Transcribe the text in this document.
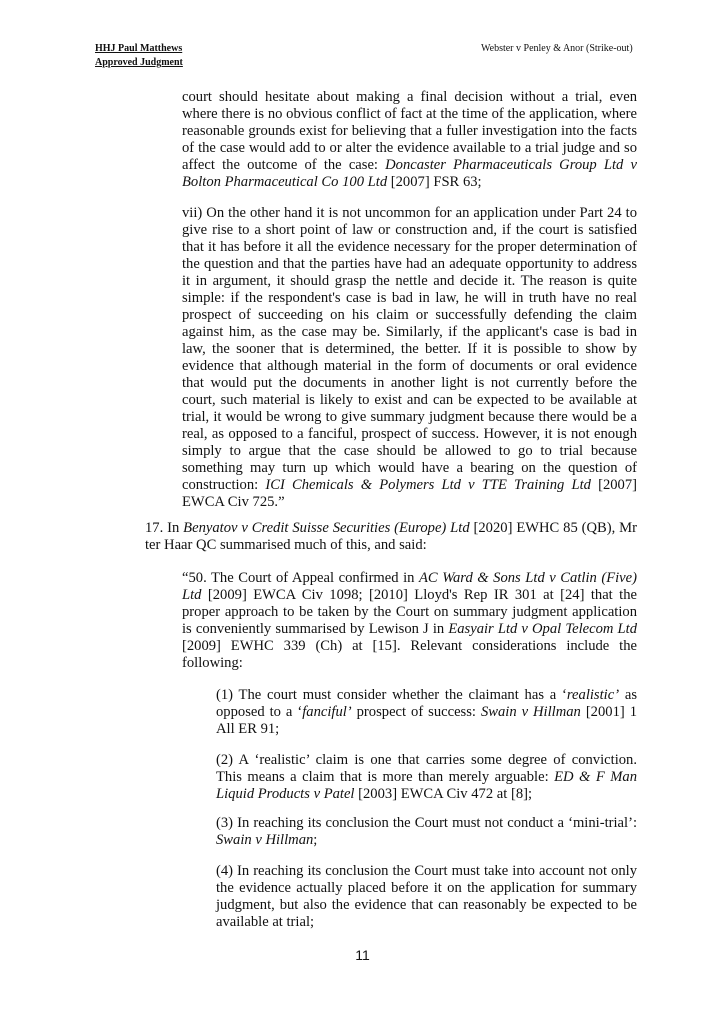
HHJ Paul Matthews
Approved Judgment
Webster v Penley & Anor (Strike-out)

court should hesitate about making a final decision without a trial, even where there is no obvious conflict of fact at the time of the application, where reasonable grounds exist for believing that a fuller investigation into the facts of the case would add to or alter the evidence available to a trial judge and so affect the outcome of the case: Doncaster Pharmaceuticals Group Ltd v Bolton Pharmaceutical Co 100 Ltd [2007] FSR 63;

vii) On the other hand it is not uncommon for an application under Part 24 to give rise to a short point of law or construction and, if the court is satisfied that it has before it all the evidence necessary for the proper determination of the question and that the parties have had an adequate opportunity to address it in argument, it should grasp the nettle and decide it. The reason is quite simple: if the respondent's case is bad in law, he will in truth have no real prospect of succeeding on his claim or successfully defending the claim against him, as the case may be. Similarly, if the applicant's case is bad in law, the sooner that is determined, the better. If it is possible to show by evidence that although material in the form of documents or oral evidence that would put the documents in another light is not currently before the court, such material is likely to exist and can be expected to be available at trial, it would be wrong to give summary judgment because there would be a real, as opposed to a fanciful, prospect of success. However, it is not enough simply to argue that the case should be allowed to go to trial because something may turn up which would have a bearing on the question of construction: ICI Chemicals & Polymers Ltd v TTE Training Ltd [2007] EWCA Civ 725.”

17. In Benyatov v Credit Suisse Securities (Europe) Ltd [2020] EWHC 85 (QB), Mr ter Haar QC summarised much of this, and said:

“50. The Court of Appeal confirmed in AC Ward & Sons Ltd v Catlin (Five) Ltd [2009] EWCA Civ 1098; [2010] Lloyd's Rep IR 301 at [24] that the proper approach to be taken by the Court on summary judgment application is conveniently summarised by Lewison J in Easyair Ltd v Opal Telecom Ltd [2009] EWHC 339 (Ch) at [15]. Relevant considerations include the following:

(1) The court must consider whether the claimant has a ‘realistic’ as opposed to a ‘fanciful’ prospect of success: Swain v Hillman [2001] 1 All ER 91;

(2) A ‘realistic’ claim is one that carries some degree of conviction. This means a claim that is more than merely arguable: ED & F Man Liquid Products v Patel [2003] EWCA Civ 472 at [8];

(3) In reaching its conclusion the Court must not conduct a ‘mini-trial’: Swain v Hillman;

(4) In reaching its conclusion the Court must take into account not only the evidence actually placed before it on the application for summary judgment, but also the evidence that can reasonably be expected to be available at trial;

11
